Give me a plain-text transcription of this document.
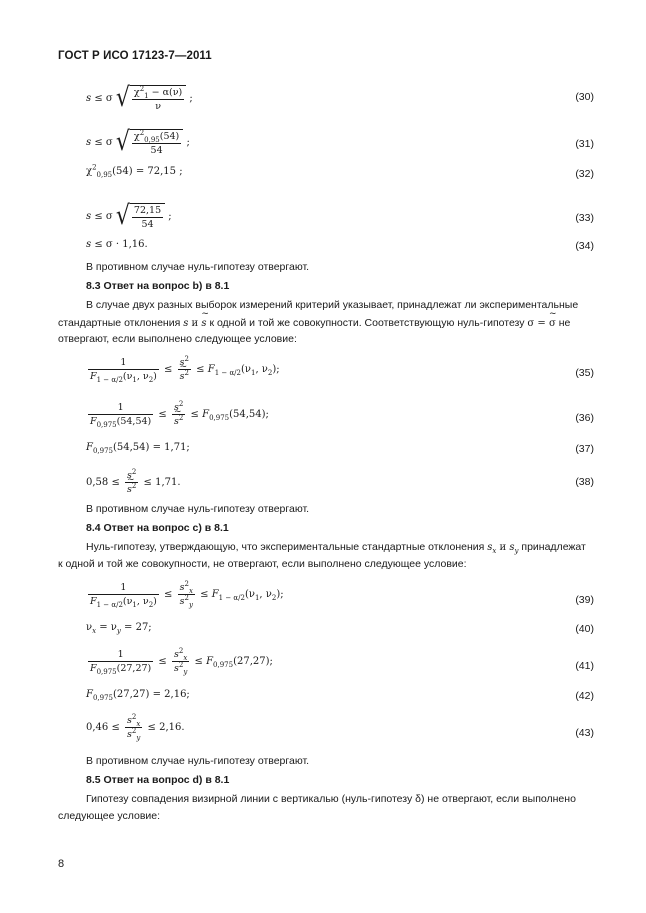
ГОСТ Р ИСО 17123-7—2011
s ≤ σ √ $\frac{\chi^2_1 - \alpha(\nu)}{\nu}$ ;	(30)
s ≤ σ √ $\frac{\chi^2_{0,95}(54)}{54}$ ;	(31)
$\chi^2_{0,95}(54) = 72,15$ ;	(32)
s ≤ σ √ $\frac{72,15}{54}$ ;	(33)
s ≤ σ · 1,16.	(34)
В противном случае нуль-гипотезу отвергают.
8.3 Ответ на вопрос b) в 8.1
В случае двух разных выборок измерений критерий указывает, принадлежат ли экспериментальные
стандартные отклонения s и ~ s к одной и той же совокупности. Соответствующую нуль-гипотезу σ = ~ σ не
отвергают, если выполнено следующее условие:
$\frac{1}{F_{1 - \alpha/2}(\nu_1, \nu_2)} \le s^2$
~ $s^2 \le F_{1 - \alpha/2}(\nu_1$, $\nu_2$);	(35)
$\frac{1}{F_{0,975}(54,54)} \le s^2$
~ $s^2 \le F_{0,975}(54,54)$;	(36)
$F_{0,975}(54,54) = 1,71$;	(37)
$0,58 \le s^2$
~ $s^2 \le 1,71$.	(38)
В противном случае нуль-гипотезу отвергают.
8.4 Ответ на вопрос с) в 8.1
Нуль-гипотезу, утверждающую, что экспериментальные стандартные отклонения $s_x$ и $s_y$ принадлежат
к одной и той же совокупности, не отвергают, если выполнено следующее условие:
$\frac{1}{F_{1 - \alpha/2}(\nu_1, \nu_2)} \le \frac{s^2_x}{s^2_y} \le F_{1 - \alpha/2}(\nu_1$, $\nu_2$);	(39)
$\nu_x = \nu_y = 27$;	(40)
$\frac{1}{F_{0,975}(27,27)} \le \frac{s^2_x}{s^2_y} \le F_{0,975}(27,27)$;	(41)
$F_{0,975}(27,27) = 2,16$;	(42)
$0,46 \le \frac{s^2_x}{s^2_y} \le 2,16$.	(43)
В противном случае нуль-гипотезу отвергают.
8.5 Ответ на вопрос d) в 8.1
Гипотезу совпадения визирной линии с вертикалью (нуль-гипотезу δ) не отвергают, если выполнено
следующее условие:
8
